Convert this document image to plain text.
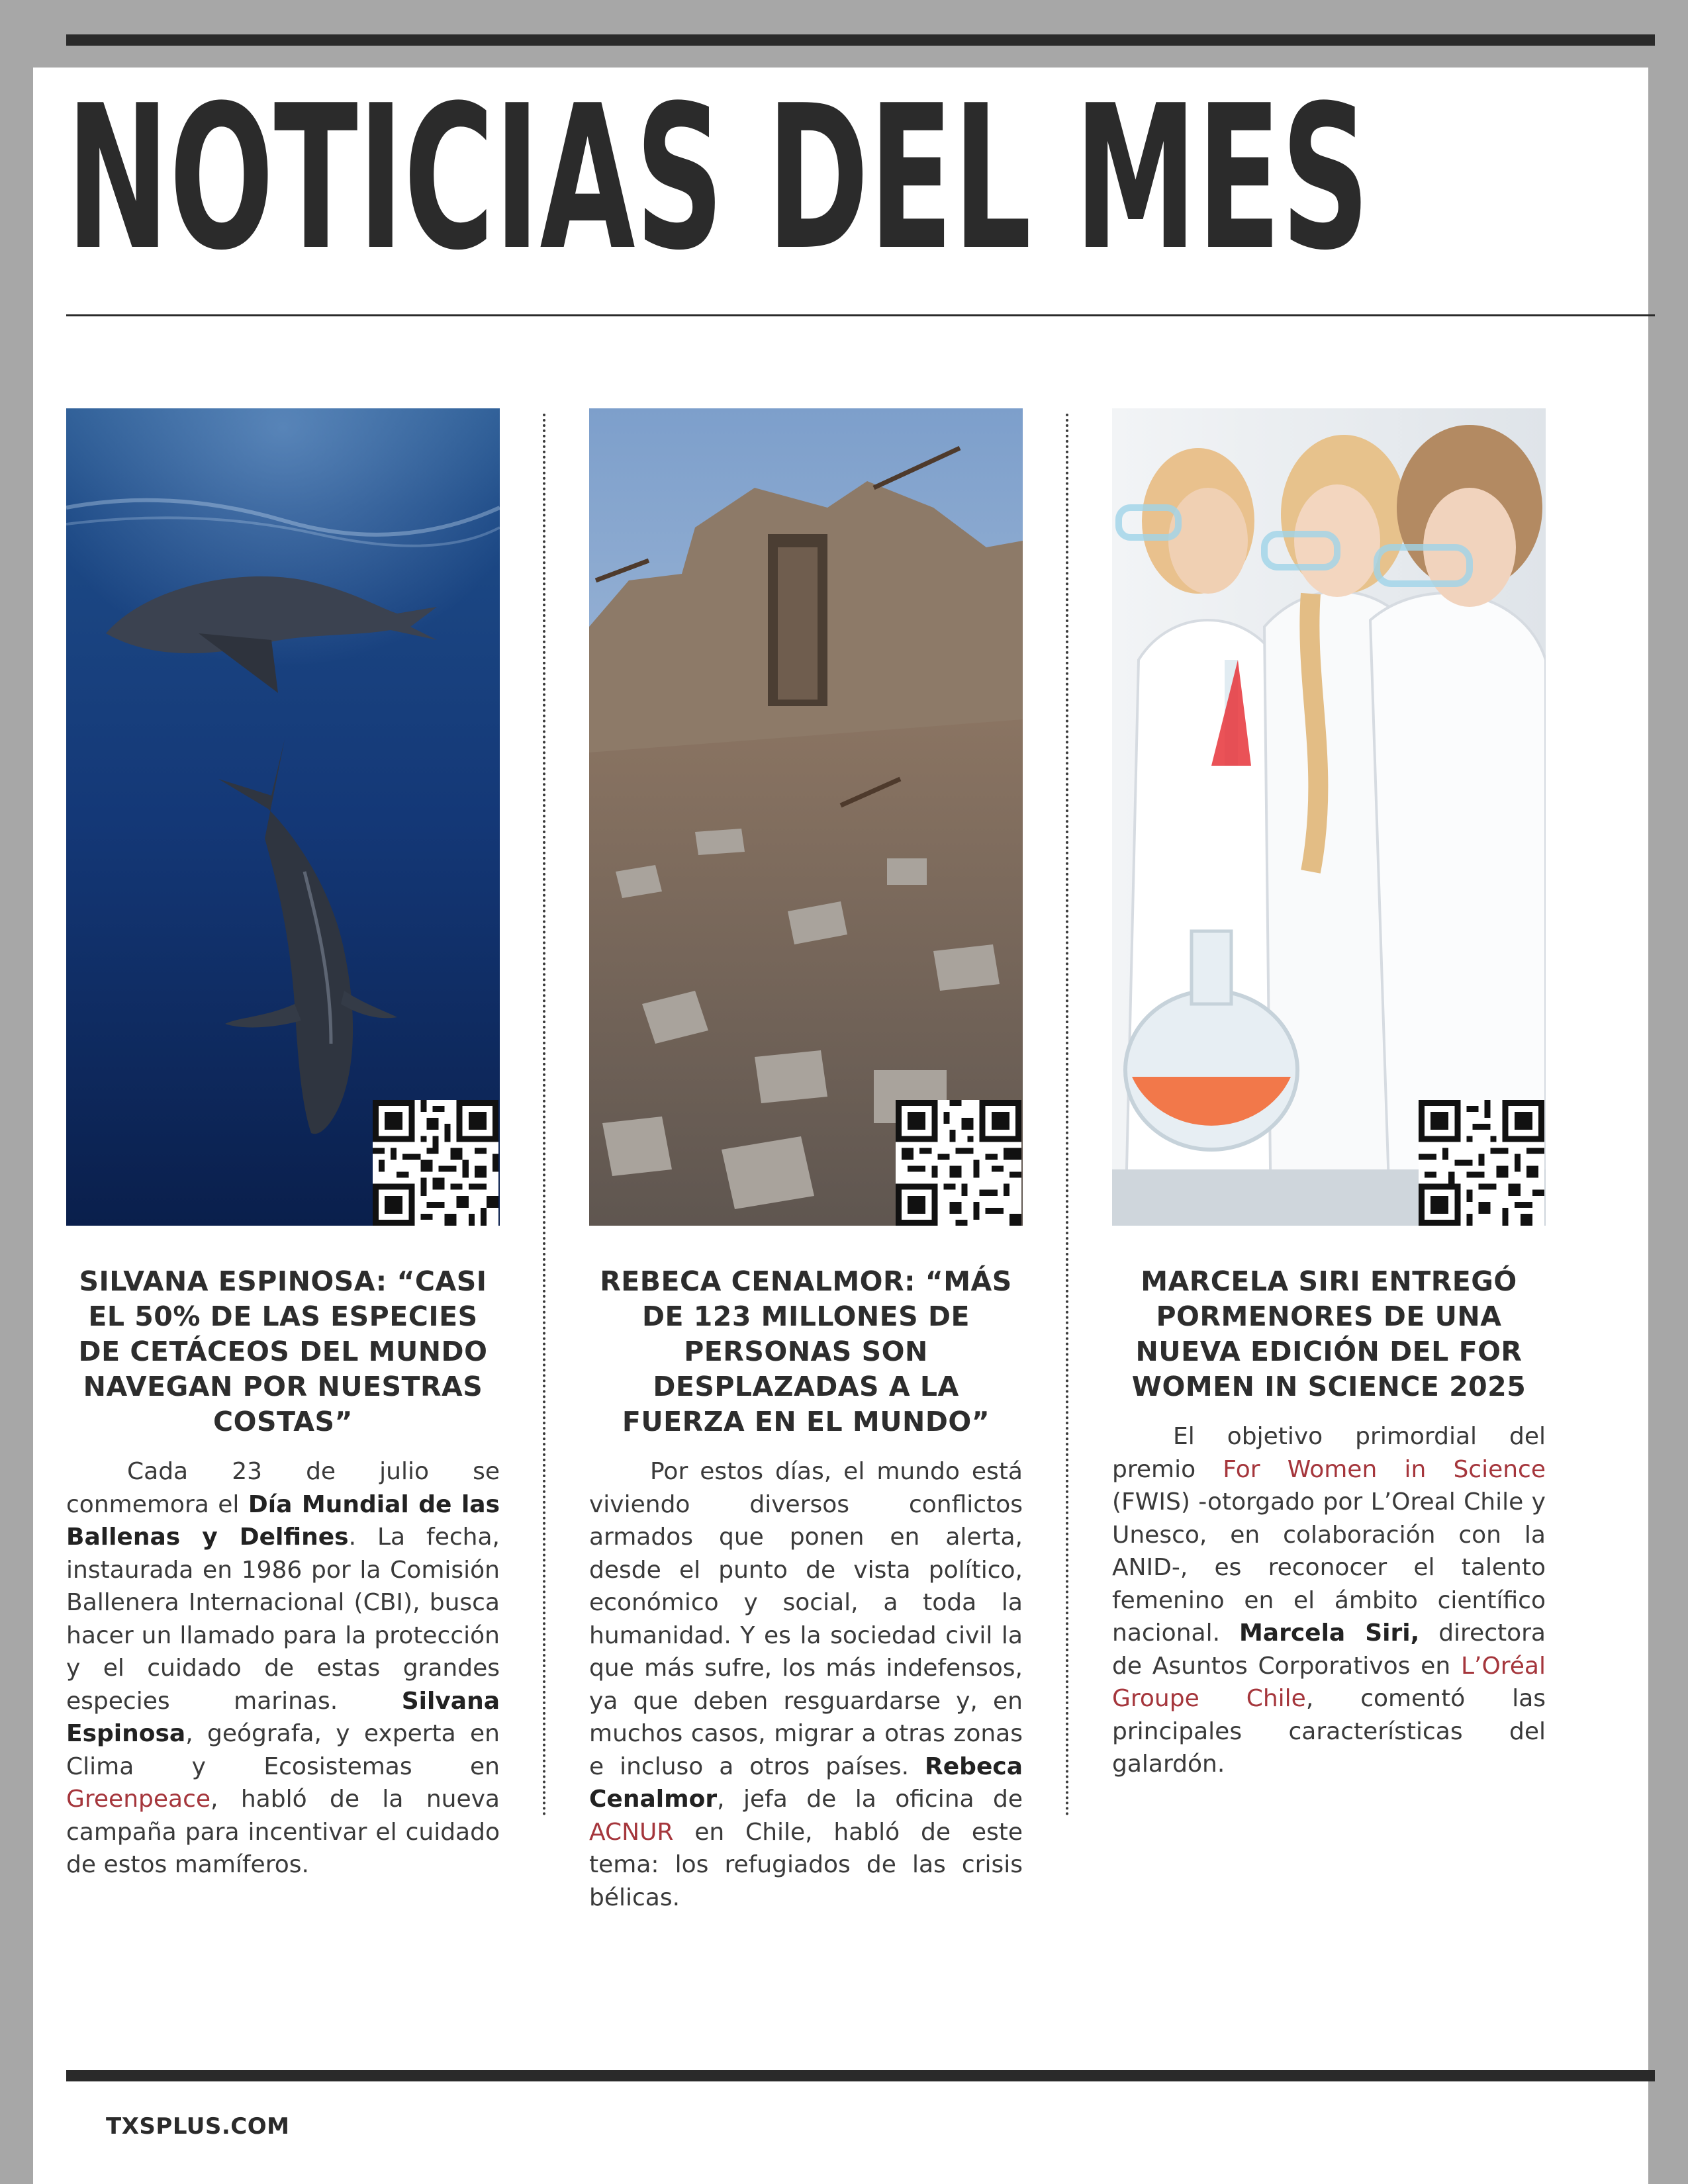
NOTICIAS DEL MES
SILVANA ESPINOSA: “CASI EL 50% DE LAS ESPECIES DE CETÁCEOS DEL MUNDO NAVEGAN POR NUESTRAS COSTAS”

Cada 23 de julio se conmemora el Día Mundial de las Ballenas y Delfines. La fecha, instaurada en 1986 por la Comisión Ballenera Internacional (CBI), busca hacer un llamado para la protección y el cuidado de estas grandes especies marinas. Silvana Espinosa, geógrafa, y experta en Clima y Ecosistemas en Greenpeace, habló de la nueva campaña para incentivar el cuidado de estos mamíferos.

REBECA CENALMOR: “MÁS DE 123 MILLONES DE PERSONAS SON DESPLAZADAS A LA FUERZA EN EL MUNDO”

Por estos días, el mundo está viviendo diversos conflictos armados que ponen en alerta, desde el punto de vista político, económico y social, a toda la humanidad. Y es la sociedad civil la que más sufre, los más indefensos, ya que deben resguardarse y, en muchos casos, migrar a otras zonas e incluso a otros países. Rebeca Cenalmor, jefa de la oficina de ACNUR en Chile, habló de este tema: los refugiados de las crisis bélicas.

MARCELA SIRI ENTREGÓ PORMENORES DE UNA NUEVA EDICIÓN DEL FOR WOMEN IN SCIENCE 2025

El objetivo primordial del premio For Women in Science (FWIS) -otorgado por L’Oreal Chile y Unesco, en colaboración con la ANID-, es reconocer el talento femenino en el ámbito científico nacional. Marcela Siri, directora de Asuntos Corporativos en L’Oréal Groupe Chile, comentó las principales características del galardón.

TXSPLUS.COM
